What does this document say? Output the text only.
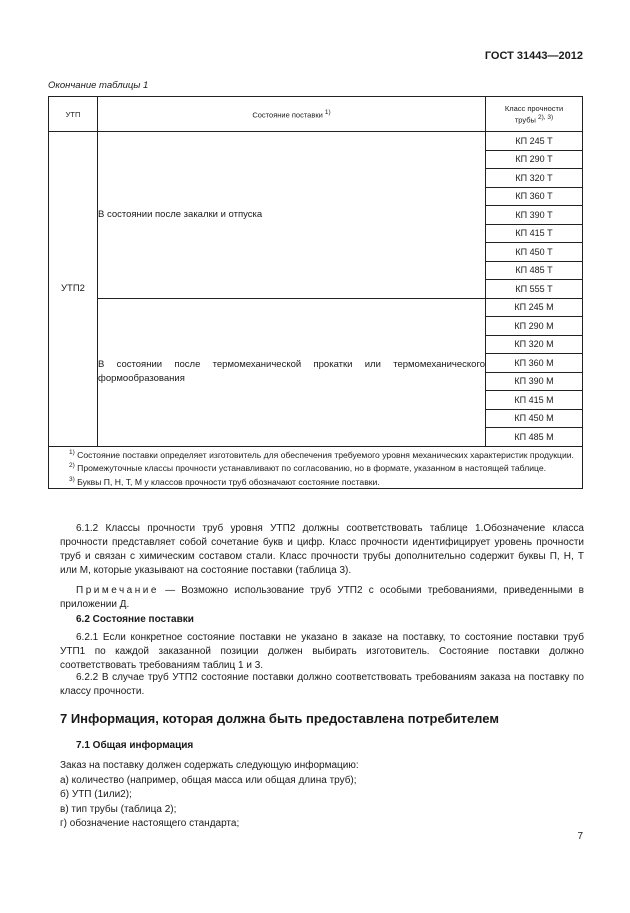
ГОСТ 31443—2012
Окончание таблицы 1
УТП	Состояние поставки $^{1)}$	Класс прочности
трубы $^{2), 3)}$
УТП2	В состоянии после закалки и отпуска	КП 245 Т
		КП 290 Т
		КП 320 Т
		КП 360 Т
		КП 390 Т
		КП 415 Т
		КП 450 Т
		КП 485 Т
		КП 555 Т
	В состоянии после термомеханической прокатки или термомеханического формообразования	КП 245 М
		КП 290 М
		КП 320 М
		КП 360 М
		КП 390 М
		КП 415 М
		КП 450 М
		КП 485 М

$^{1)}$ Состояние поставки определяет изготовитель для обеспечения требуемого уровня механических характеристик продукции.

$^{2)}$ Промежуточные классы прочности устанавливают по согласованию, но в формате, указанном в настоящей таблице.

$^{3)}$ Буквы П, Н, Т, М у классов прочности труб обозначают состояние поставки.		

6.1.2 Классы прочности труб уровня УТП2 должны соответствовать таблице 1.Обозначение класса прочности представляет собой сочетание букв и цифр. Класс прочности идентифицирует уровень прочности труб и связан с химическим составом стали. Класс прочности трубы дополнительно содержит буквы П, Н, Т или М, которые указывают на состояние поставки (таблица 3).

Примечание — Возможно использование труб УТП2 с особыми требованиями, приведенными в приложении Д.

6.2 Состояние поставки

6.2.1 Если конкретное состояние поставки не указано в заказе на поставку, то состояние поставки труб УТП1 по каждой заказанной позиции должен выбирать изготовитель. Состояние поставки должно соответствовать требованиям таблиц 1 и 3.

6.2.2 В случае труб УТП2 состояние поставки должно соответствовать требованиям заказа на поставку по классу прочности.

7 Информация, которая должна быть предоставлена потребителем

7.1 Общая информация

Заказ на поставку должен содержать следующую информацию:
а) количество (например, общая масса или общая длина труб);
б) УТП (1или2);
в) тип трубы (таблица 2);
г) обозначение настоящего стандарта;
7
